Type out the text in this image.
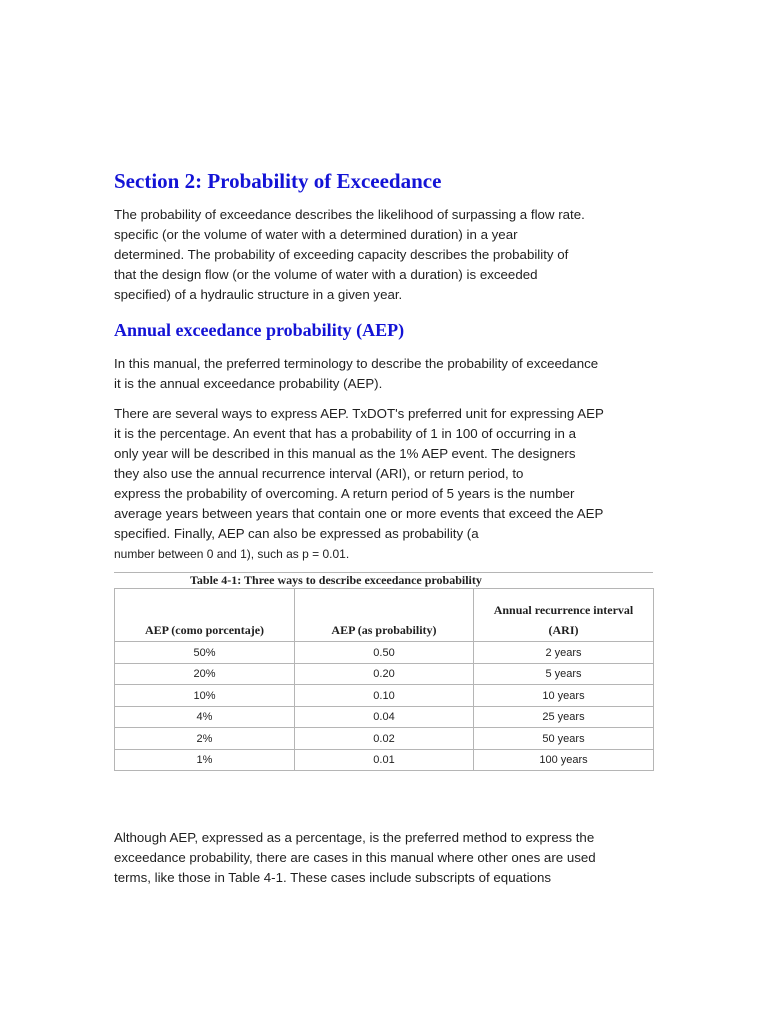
Section 2: Probability of Exceedance
The probability of exceedance describes the likelihood of surpassing a flow rate.
specific (or the volume of water with a determined duration) in a year
determined. The probability of exceeding capacity describes the probability of
that the design flow (or the volume of water with a duration) is exceeded
specified) of a hydraulic structure in a given year.
Annual exceedance probability (AEP)
In this manual, the preferred terminology to describe the probability of exceedance
it is the annual exceedance probability (AEP).
There are several ways to express AEP. TxDOT's preferred unit for expressing AEP
it is the percentage. An event that has a probability of 1 in 100 of occurring in a
only year will be described in this manual as the 1% AEP event. The designers
they also use the annual recurrence interval (ARI), or return period, to
express the probability of overcoming. A return period of 5 years is the number
average years between years that contain one or more events that exceed the AEP
specified. Finally, AEP can also be expressed as probability (a
number between 0 and 1), such as p = 0.01.
Table 4-1: Three ways to describe exceedance probability
AEP (como porcentaje)	AEP (as probability)	Annual recurrence interval
(ARI)

50%	0.50	2 years
20%	0.20	5 years
10%	0.10	10 years
4%	0.04	25 years
2%	0.02	50 years
1%	0.01	100 years
Although AEP, expressed as a percentage, is the preferred method to express the
exceedance probability, there are cases in this manual where other ones are used
terms, like those in Table 4-1. These cases include subscripts of equations
